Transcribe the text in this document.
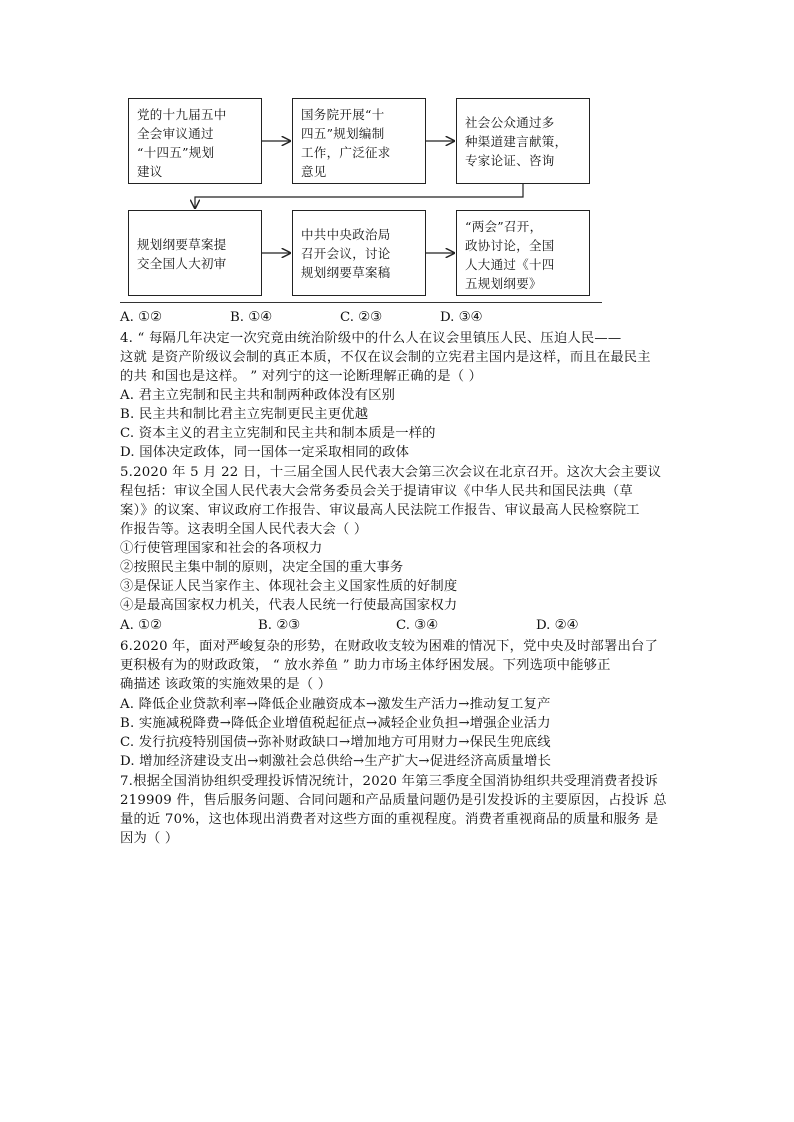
党的十九届五中
全会审议通过
“十四五”规划
建议
国务院开展“十
四五”规划编制
工作，广泛征求
意见
社会公众通过多
种渠道建言献策，
专家论证、咨询
规划纲要草案提
交全国人大初审
中共中央政治局
召开会议，讨论
规划纲要草案稿
“两会”召开，
政协讨论，全国
人大通过《十四
五规划纲要》
A. ①②	B. ①④	C. ②③	D. ③④
4. “ 每隔几年决定一次究竟由统治阶级中的什么人在议会里镇压人民、压迫人民——
这就 是资产阶级议会制的真正本质，不仅在议会制的立宪君主国内是这样，而且在最民主
的共 和国也是这样。 ” 对列宁的这一论断理解正确的是（ ）
A. 君主立宪制和民主共和制两种政体没有区别
B. 民主共和制比君主立宪制更民主更优越
C. 资本主义的君主立宪制和民主共和制本质是一样的
D. 国体决定政体，同一国体一定采取相同的政体
5.2020 年 5 月 22 日，十三届全国人民代表大会第三次会议在北京召开。这次大会主要议
程包括：审议全国人民代表大会常务委员会关于提请审议《中华人民共和国民法典（草
案）》的议案、审议政府工作报告、审议最高人民法院工作报告、审议最高人民检察院工
作报告等。这表明全国人民代表大会（ ）
①行使管理国家和社会的各项权力
②按照民主集中制的原则，决定全国的重大事务
③是保证人民当家作主、体现社会主义国家性质的好制度
④是最高国家权力机关，代表人民统一行使最高国家权力
A. ①②	B. ②③	C. ③④	D. ②④
6.2020 年，面对严峻复杂的形势，在财政收支较为困难的情况下，党中央及时部署出台了
更积极有为的财政政策， “ 放水养鱼 ” 助力市场主体纾困发展。下列选项中能够正
确描述 该政策的实施效果的是（ ）
A. 降低企业贷款利率→降低企业融资成本→激发生产活力→推动复工复产
B. 实施减税降费→降低企业增值税起征点→减轻企业负担→增强企业活力
C. 发行抗疫特别国债→弥补财政缺口→增加地方可用财力→保民生兜底线
D. 增加经济建设支出→刺激社会总供给→生产扩大→促进经济高质量增长
7.根据全国消协组织受理投诉情况统计，2020 年第三季度全国消协组织共受理消费者投诉
219909 件，售后服务问题、合同问题和产品质量问题仍是引发投诉的主要原因，占投诉 总
量的近 70%，这也体现出消费者对这些方面的重视程度。消费者重视商品的质量和服务 是
因为（ ）
